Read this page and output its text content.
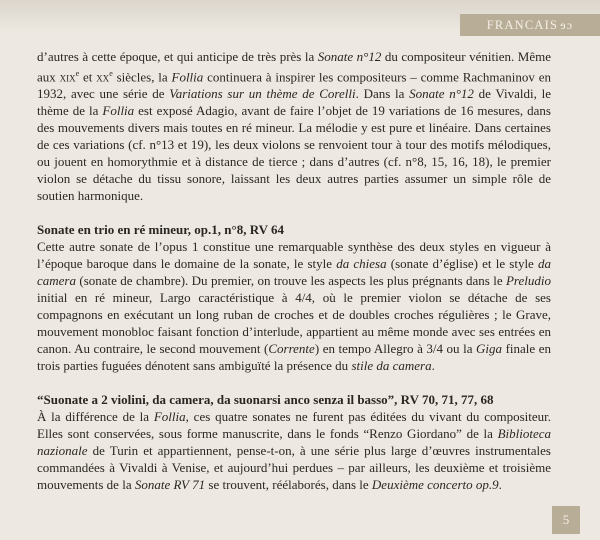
FRANCAIS ɘɔ

d’autres à cette époque, et qui anticipe de très près la Sonate n°12 du compositeur vénitien. Même aux xix$^e$ et $xx^e$ siècles, la Follia continuera à inspirer les compositeurs – comme Rachmaninov en 1932, avec une série de Variations sur un thème de Corelli. Dans la Sonate n°12 de Vivaldi, le thème de la Follia est exposé Adagio, avant de faire l’objet de 19 variations de 16 mesures, dans des mouvements divers mais toutes en ré mineur. La mélodie y est pure et linéaire. Dans certaines de ces variations (cf. n°13 et 19), les deux violons se renvoient tour à tour des motifs mélodiques, ou jouent en homorythmie et à distance de tierce ; dans d’autres (cf. n°8, 15, 16, 18), le premier violon se détache du tissu sonore, laissant les deux autres parties assumer un simple rôle de soutien harmonique.

Sonate en trio en ré mineur, op.1, n°8, RV 64

Cette autre sonate de l’opus 1 constitue une remarquable synthèse des deux styles en vigueur à l’époque baroque dans le domaine de la sonate, le style da chiesa (sonate d’église) et le style da camera (sonate de chambre). Du premier, on trouve les aspects les plus prégnants dans le Preludio initial en ré mineur, Largo caractéristique à 4/4, où le premier violon se détache de ses compagnons en exécutant un long ruban de croches et de doubles croches régulières ; le Grave, mouvement monobloc faisant fonction d’interlude, appartient au même monde avec ses entrées en canon. Au contraire, le second mouvement (Corrente) en tempo Allegro à 3/4 ou la Giga finale en trois parties fuguées dénotent sans ambiguïté la présence du stile da camera.

“Suonate a 2 violini, da camera, da suonarsi anco senza il basso”, RV 70, 71, 77, 68

À la différence de la Follia, ces quatre sonates ne furent pas éditées du vivant du compositeur. Elles sont conservées, sous forme manuscrite, dans le fonds “Renzo Giordano” de la Biblioteca nazionale de Turin et appartiennent, pense-t-on, à une série plus large d’œuvres instrumentales commandées à Vivaldi à Venise, et aujourd’hui perdues – par ailleurs, les deuxième et troisième mouvements de la Sonate RV 71 se trouvent, réélaborés, dans le Deuxième concerto op.9.

5
